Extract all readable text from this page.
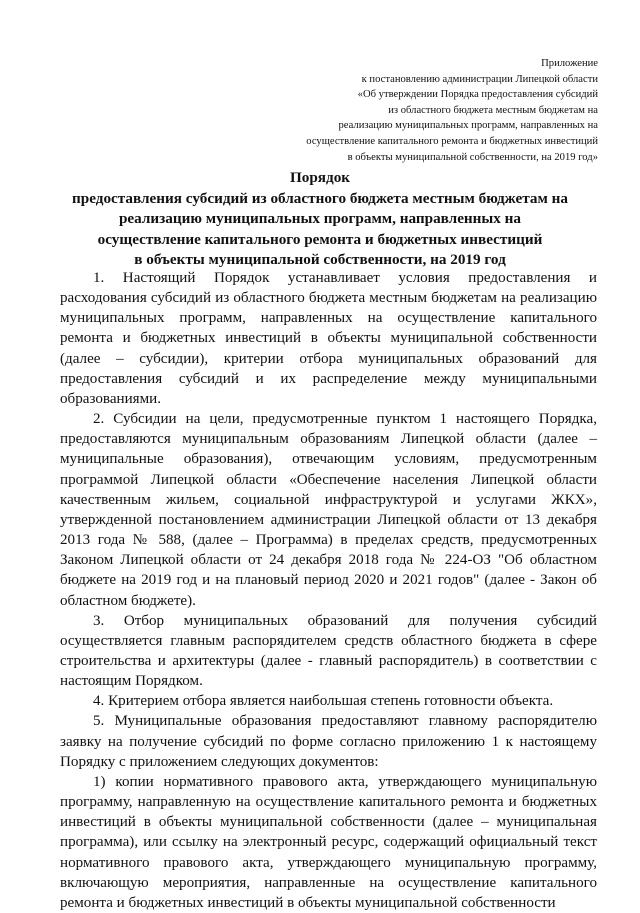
Приложение
к постановлению администрации Липецкой области
«Об утверждении Порядка предоставления субсидий
из областного бюджета местным бюджетам на
реализацию муниципальных программ, направленных на
осуществление капитального ремонта и бюджетных инвестиций
в объекты муниципальной собственности, на 2019 год»
Порядок
предоставления субсидий из областного бюджета местным бюджетам на
реализацию муниципальных программ, направленных на
осуществление капитального ремонта и бюджетных инвестиций
в объекты муниципальной собственности, на 2019 год

1. Настоящий Порядок устанавливает условия предоставления и расходования субсидий из областного бюджета местным бюджетам на реализацию муниципальных программ, направленных на осуществление капитального ремонта и бюджетных инвестиций в объекты муниципальной собственности (далее – субсидии), критерии отбора муниципальных образований для предоставления субсидий и их распределение между муниципальными образованиями.

2. Субсидии на цели, предусмотренные пунктом 1 настоящего Порядка, предоставляются муниципальным образованиям Липецкой области (далее – муниципальные образования), отвечающим условиям, предусмотренным программой Липецкой области «Обеспечение населения Липецкой области качественным жильем, социальной инфраструктурой и услугами ЖКХ», утвержденной постановлением администрации Липецкой области от 13 декабря 2013 года № 588, (далее – Программа) в пределах средств, предусмотренных Законом Липецкой области от 24 декабря 2018 года № 224-ОЗ "Об областном бюджете на 2019 год и на плановый период 2020 и 2021 годов" (далее - Закон об областном бюджете).

3. Отбор муниципальных образований для получения субсидий осуществляется главным распорядителем средств областного бюджета в сфере строительства и архитектуры (далее - главный распорядитель) в соответствии с настоящим Порядком.

4. Критерием отбора является наибольшая степень готовности объекта.

5. Муниципальные образования предоставляют главному распорядителю заявку на получение субсидий по форме согласно приложению 1 к настоящему Порядку с приложением следующих документов:

1) копии нормативного правового акта, утверждающего муниципальную программу, направленную на осуществление капитального ремонта и бюджетных инвестиций в объекты муниципальной собственности (далее – муниципальная программа), или ссылку на электронный ресурс, содержащий официальный текст нормативного правового акта, утверждающего муниципальную программу, включающую мероприятия, направленные на осуществление капитального ремонта и бюджетных инвестиций в объекты муниципальной собственности
